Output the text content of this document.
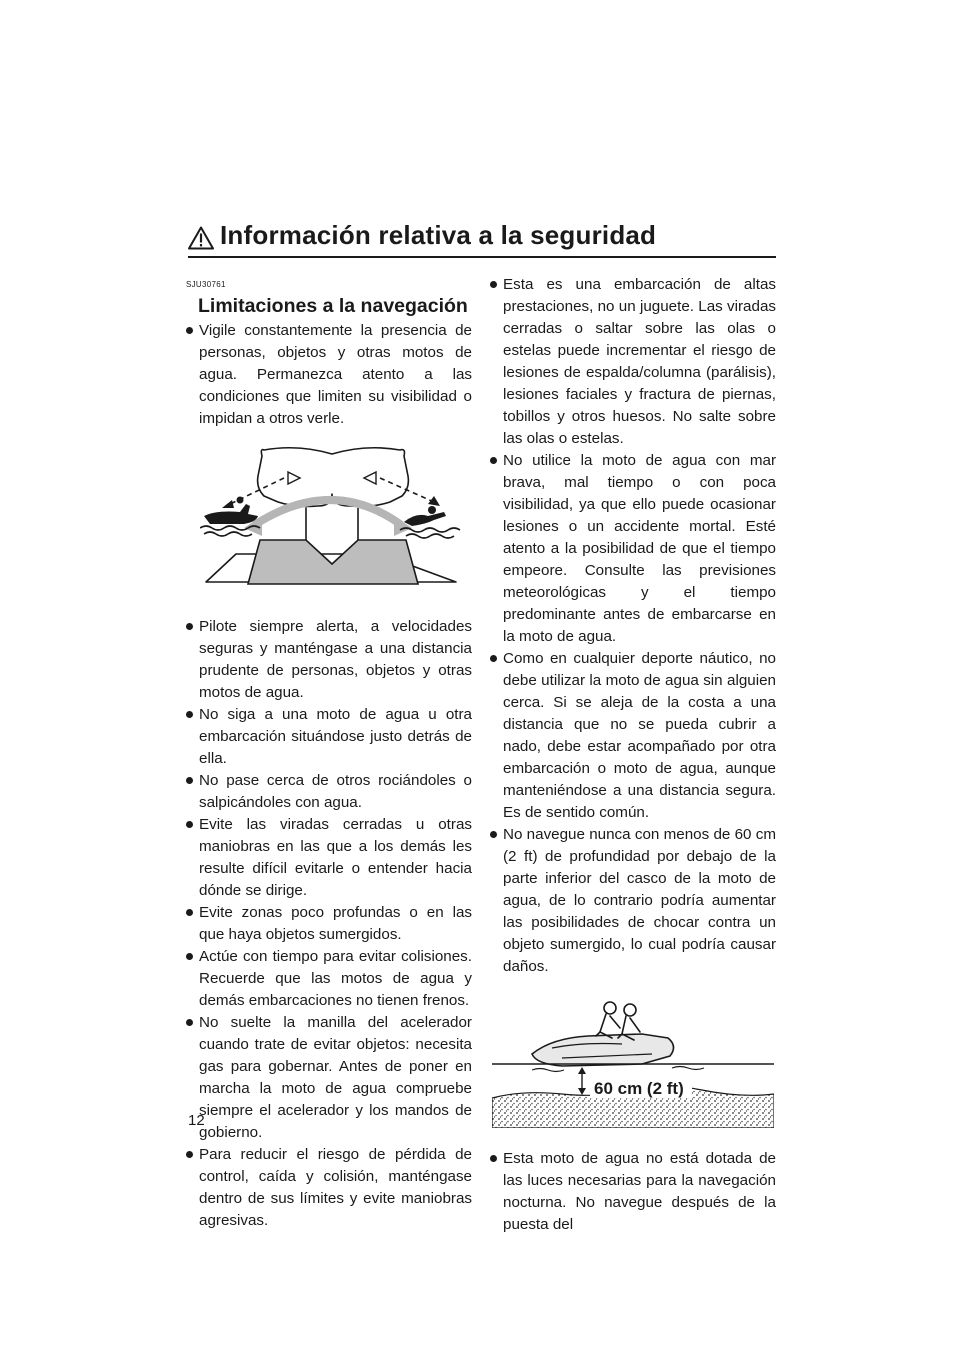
Información relativa a la seguridad
SJU30761
Limitaciones a la navegación
Vigile constantemente la presencia de personas, objetos y otras motos de agua. Permanezca atento a las condiciones que limiten su visibilidad o impidan a otros verle.
Pilote siempre alerta, a velocidades seguras y manténgase a una distancia prudente de personas, objetos y otras motos de agua.
No siga a una moto de agua u otra embarcación situándose justo detrás de ella.
No pase cerca de otros rociándoles o salpicándoles con agua.
Evite las viradas cerradas u otras maniobras en las que a los demás les resulte difícil evitarle o entender hacia dónde se dirige.
Evite zonas poco profundas o en las que haya objetos sumergidos.
Actúe con tiempo para evitar colisiones. Recuerde que las motos de agua y demás embarcaciones no tienen frenos.
No suelte la manilla del acelerador cuando trate de evitar objetos: necesita gas para gobernar. Antes de poner en marcha la moto de agua compruebe siempre el acelerador y los mandos de gobierno.
Para reducir el riesgo de pérdida de control, caída y colisión, manténgase dentro de sus límites y evite maniobras agresivas.
Esta es una embarcación de altas prestaciones, no un juguete. Las viradas cerradas o saltar sobre las olas o estelas puede incrementar el riesgo de lesiones de espalda/columna (parálisis), lesiones faciales y fractura de piernas, tobillos y otros huesos. No salte sobre las olas o estelas.
No utilice la moto de agua con mar brava, mal tiempo o con poca visibilidad, ya que ello puede ocasionar lesiones o un accidente mortal. Esté atento a la posibilidad de que el tiempo empeore. Consulte las previsiones meteorológicas y el tiempo predominante antes de embarcarse en la moto de agua.
Como en cualquier deporte náutico, no debe utilizar la moto de agua sin alguien cerca. Si se aleja de la costa a una distancia que no se pueda cubrir a nado, debe estar acompañado por otra embarcación o moto de agua, aunque manteniéndose a una distancia segura. Es de sentido común.
No navegue nunca con menos de 60 cm (2 ft) de profundidad por debajo de la parte inferior del casco de la moto de agua, de lo contrario podría aumentar las posibilidades de chocar contra un objeto sumergido, lo cual podría causar daños.
60 cm (2 ft)
Esta moto de agua no está dotada de las luces necesarias para la navegación nocturna. No navegue después de la puesta del
12
